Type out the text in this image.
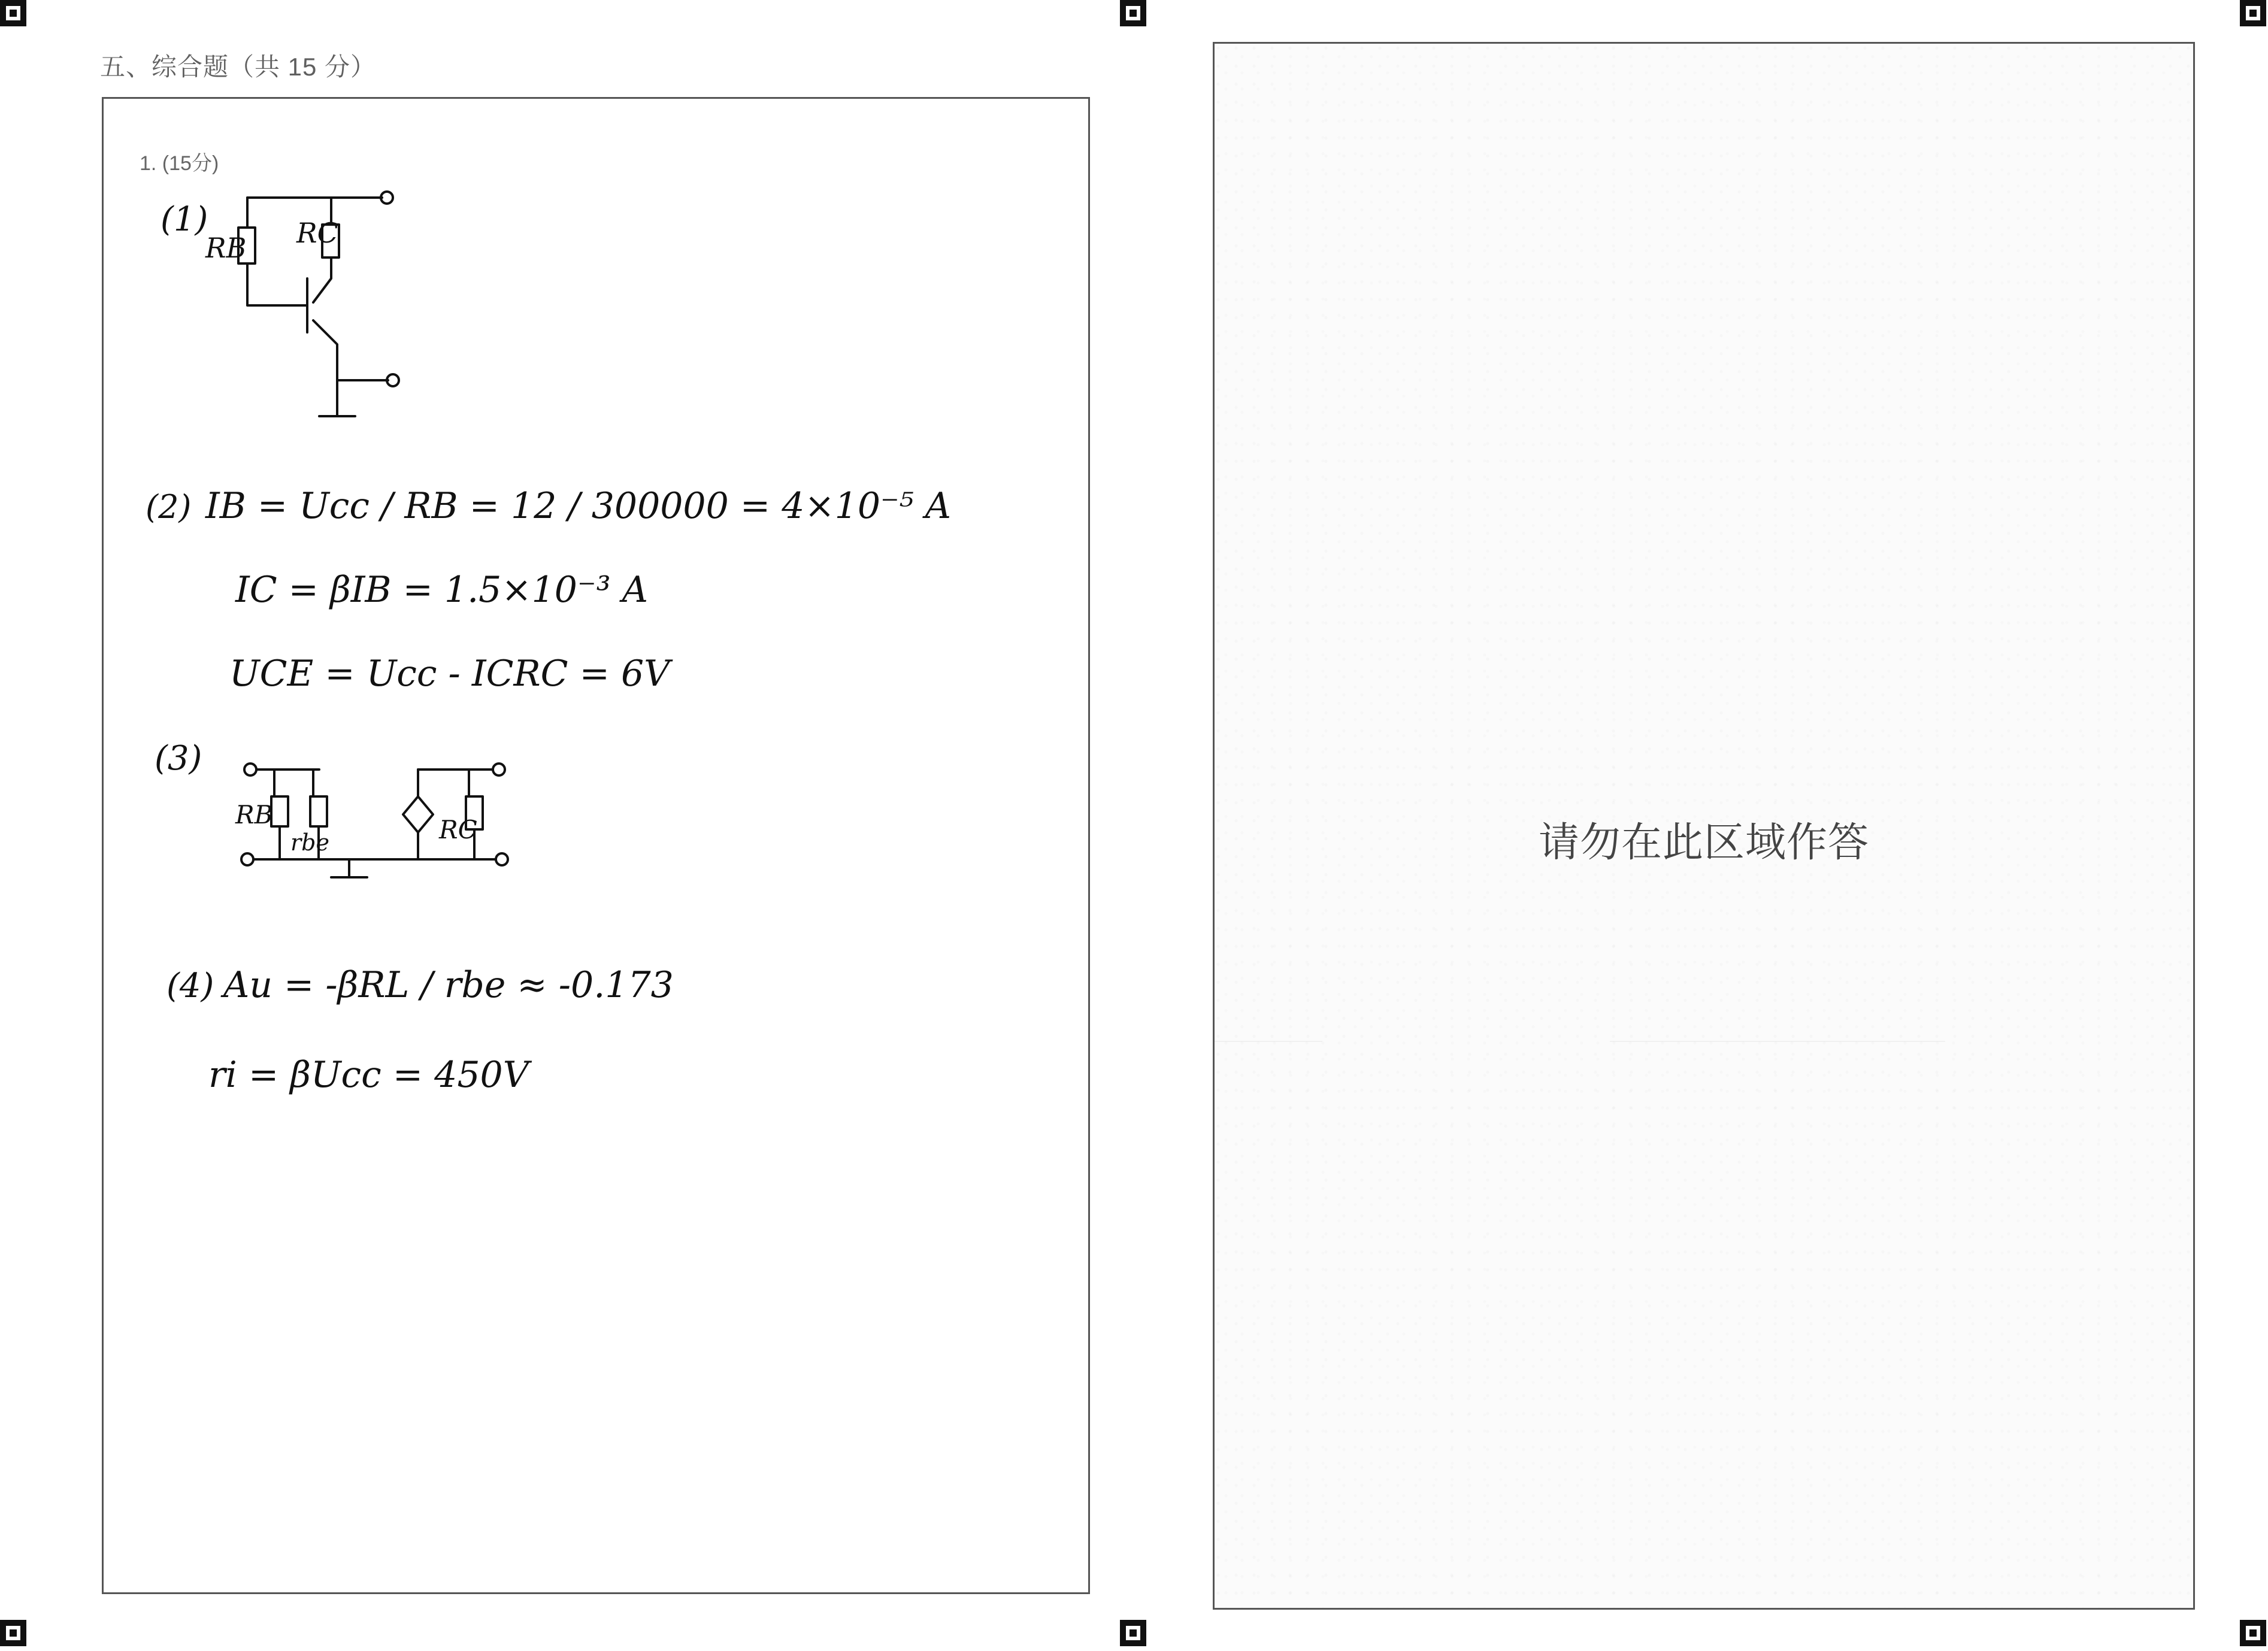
五、综合题（共 15 分）
1. (15分)
(1)
RB RC
(2) IB = Ucc / RB = 12 / 300000 = 4×10⁻⁵ A
IC = βIB = 1.5×10⁻³ A
UCE = Ucc - ICRC = 6V
(3)
RB
rbe	RC
(4) Au = -βRL / rbe ≈ -0.173
ri = βUcc = 450V
请勿在此区域作答
